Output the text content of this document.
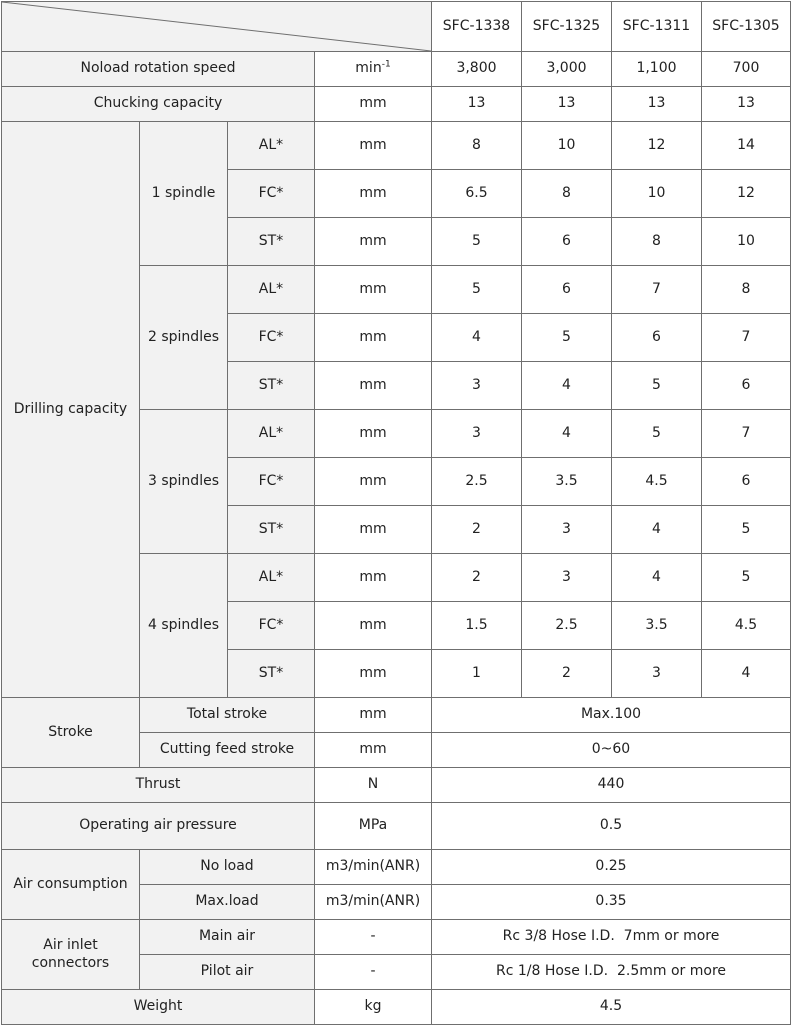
	SFC-1338	SFC-1325	SFC-1311	SFC-1305
Noload rotation speed			$\min^{-1}$	3,800	3,000	1,100	700
Chucking capacity			mm	13	13	13	13
Drilling capacity	1 spindle	AL*	mm	8	10	12	14
		FC*	mm	6.5	8	10	12
		ST*	mm	5	6	8	10
	2 spindles	AL*	mm	5	6	7	8
		FC*	mm	4	5	6	7
		ST*	mm	3	4	5	6
	3 spindles	AL*	mm	3	4	5	7
		FC*	mm	2.5	3.5	4.5	6
		ST*	mm	2	3	4	5
	4 spindles	AL*	mm	2	3	4	5
		FC*	mm	1.5	2.5	3.5	4.5
		ST*	mm	1	2	3	4
Stroke	Total stroke		mm	Max.100			
	Cutting feed stroke		mm	0~60			
Thrust			N	440			
Operating air pressure			MPa	0.5			
Air consumption	No load		m3/min(ANR)	0.25			
	Max.load		m3/min(ANR)	0.35			
Air inlet
connectors	Main air		-	Rc 3/8 Hose I.D.  7mm or more			
	Pilot air		-	Rc 1/8 Hose I.D.  2.5mm or more			
Weight			kg	4.5			
